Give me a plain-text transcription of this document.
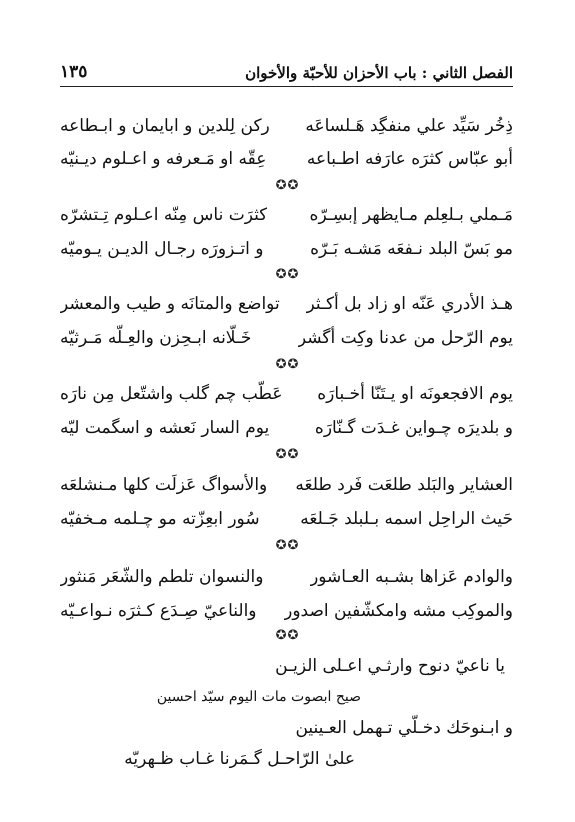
الفصل الثاني : باب الأحزان للأحبّة والأخوان
١٣٥
ذِخُر سَيِّد علي منفگِد هَـلساعَه
ركن لِلدين و ابايمان و ابـطاعه
أبو عبّاس كثرَه عارَفه اطـباعه
عِقّه او مَـعرفه و اعـلوم ديـنيّه
✪✪
مَـملي بـلعِلم مـايظهر إبسِـرّه
كثرَت ناس مِنّه اعـلوم تِـتشرّه
مو بَسّ البلد نـفعَه مَشـه بَـرّه
و اتـزورَه رجـال الديـن يـوميّه
✪✪
هـذ الأدري عَنّه او زاد بل أكـثر
تواضع والمتانَه و طيب والمعشر
يوم الرّحل من عدنا وكِت أگشر
خَـلّانه ابـحِزن والعِـلّه مَـرثيّه
✪✪
يوم الافجعونَه او يـتَنّا أخـبارَه
عَطّب چم گلب واشتّعل مِن نارَه
و بلديرَه چـواين غـدَت گـنّارَه
يوم السار نَعشه و اسگمت ليّه
✪✪
العشاير والبَلد طلعَت فَرد طلعَه
والأسواگ عَزلَت كلها مـنشلعَه
حَيث الراحِل اسمه بـلبلد جَـلعَه
سُور ابعِزّته مو چـلمه مـخفيّه
✪✪
والوادم عَزاها بشـبه العـاشور
والنسوان تلطم والشّعَر مَنثور
والموكِب مشه وامكشّفين اصدور
والناعيّ صِـدَع كـثرَه نـواعـيّه
✪✪
يا ناعيّ دنوح وارثـي اعـلى الزيـن
صيح ابصوت مات اليوم سيّد احسين
و ابـنوحَك دخـلّي تـهمل العـينين
علىٰ الرّاحـل گـمَرنا غـاب ظـهريّه
